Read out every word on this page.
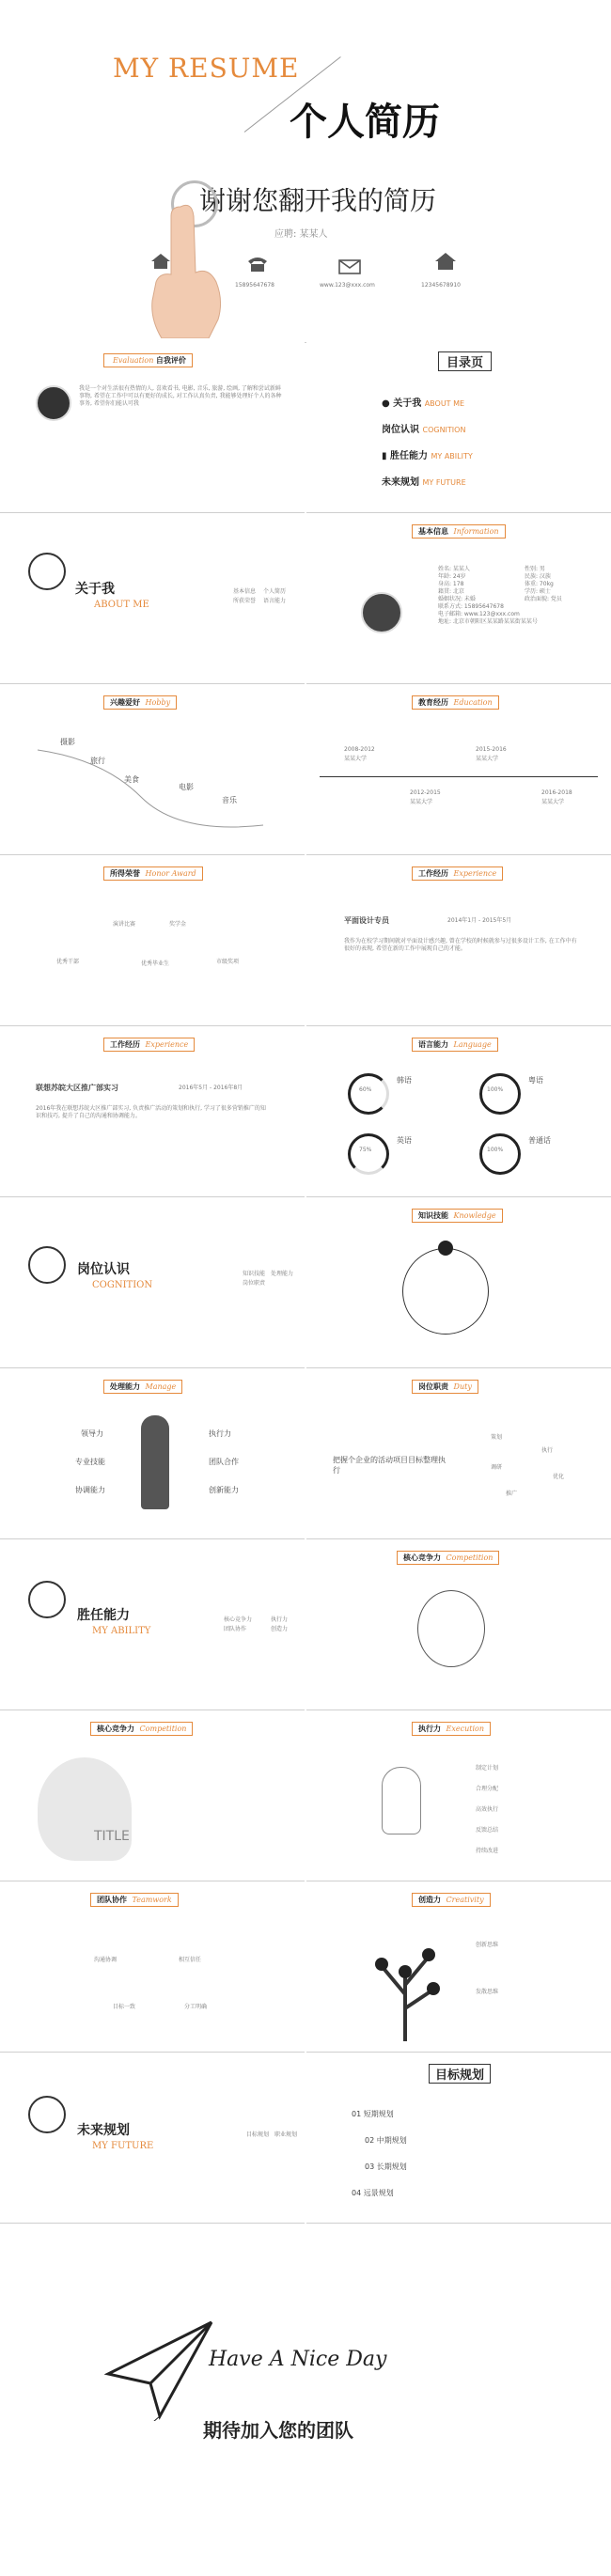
MY RESUME
个人简历
谢谢您翻开我的简历
应聘: 某某人
15895647678	www.123@xxx.com	12345678910
Evaluation 自我评价
我是一个对生活很有热情的人, 喜欢看书, 电影, 音乐, 旅游, 绘画, 了解和尝试新鲜事物, 希望在工作中可以有更好的成长, 对工作认真负责, 我能够处理好个人的各种事务, 希望你们能认可我
目录页
● 关于我 ABOUT ME
岗位认识 COGNITION
▮ 胜任能力 MY ABILITY
未来规划 MY FUTURE
关于我
ABOUT ME
基本信息 个人简历
所获荣誉 语言能力
基本信息 Information
姓名: 某某人
年龄: 24岁
身高: 178
籍贯: 北京
婚姻状况: 未婚
联系方式: 15895647678
电子邮箱: www.123@xxx.com
地址: 北京市朝阳区某某路某某街某某号
性别: 男
民族: 汉族
体重: 70kg
学历: 硕士
政治面貌: 党员
兴趣爱好 Hobby
摄影
旅行
美食
电影
音乐
教育经历 Education
2008-2012
某某大学
2012-2015
某某大学
2015-2016
某某大学
2016-2018
某某大学
所得荣誉 Honor Award
优秀干部
演讲比赛	奖学金
优秀毕业生	市级奖项
工作经历 Experience
平面设计专员	2014年1月 - 2015年5月
我作为在校学习期间就对平面设计感兴趣, 曾在学校的时候就参与过很多设计工作, 在工作中有很好的表现, 希望在新的工作中展现自己的才能。
工作经历 Experience
联想苏皖大区推广部实习	2016年5月 - 2016年8月
2016年我在联想苏皖大区推广部实习, 负责推广活动的策划和执行, 学习了很多营销推广的知识和技巧, 提升了自己的沟通和协调能力。
语言能力 Language
60%
韩语
100%
粤语
75%
英语
100%
普通话
岗位认识
COGNITION
知识技能 处理能力
岗位职责
知识技能 Knowledge
处理能力 Manage
领导力
专业技能
协调能力
执行力
团队合作
创新能力
岗位职责 Duty
把握个企业的活动项目目标整理执行
策划
执行
调研
优化
推广
胜任能力
MY ABILITY
核心竞争力	执行力
团队协作	创造力
核心竞争力 Competition
核心竞争力 Competition
TITLE
执行力 Execution
制定计划
合理分配
高效执行
反馈总结
持续改进
团队协作 Teamwork
沟通协调	相互信任
目标一致	分工明确
创造力 Creativity
创新思维
发散思维
未来规划
MY FUTURE
目标规划 职业规划
目标规划
01 短期规划
02 中期规划
03 长期规划
04 远景规划
Have A Nice Day
期待加入您的团队
